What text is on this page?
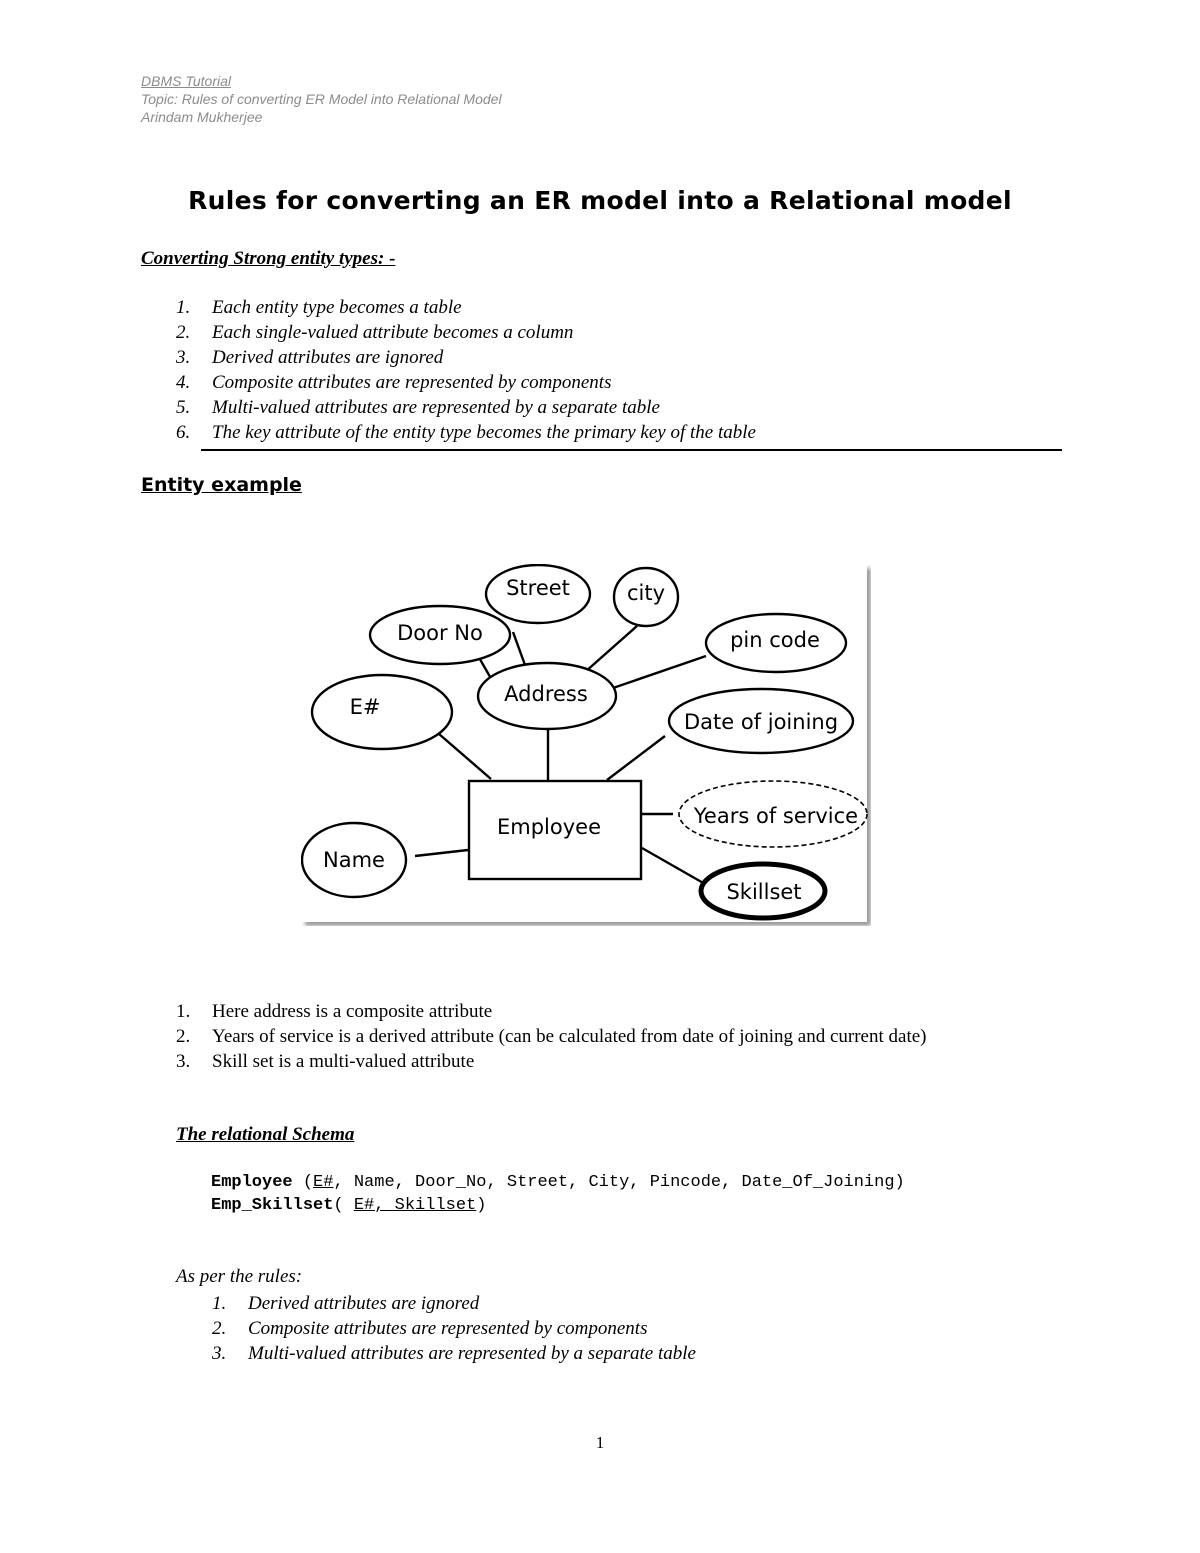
DBMS Tutorial
Topic: Rules of converting ER Model into Relational Model
Arindam Mukherjee
Rules for converting an ER model into a Relational model
Converting Strong entity types: -
1. Each entity type becomes a table
2. Each single-valued attribute becomes a column
3. Derived attributes are ignored
4. Composite attributes are represented by components
5. Multi-valued attributes are represented by a separate table
6. The key attribute of the entity type becomes the primary key of the table
Entity example
Street	city
Door No	pin code
Address
E#
Date of joining
Employee	Years of service
Name
Skillset
1. Here address is a composite attribute
2. Years of service is a derived attribute (can be calculated from date of joining and current date)
3. Skill set is a multi-valued attribute
The relational Schema
Employee (E#, Name, Door_No, Street, City, Pincode, Date_Of_Joining)
Emp_Skillset( E#, Skillset)
As per the rules:
1. Derived attributes are ignored
2. Composite attributes are represented by components
3. Multi-valued attributes are represented by a separate table
1
